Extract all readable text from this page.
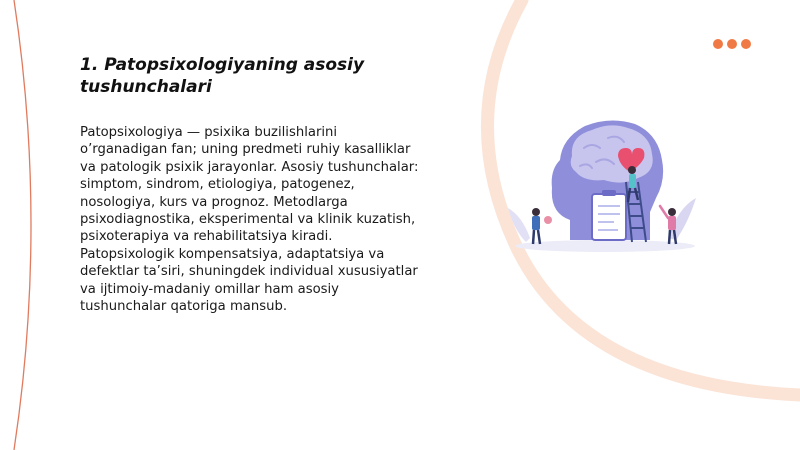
1. Patopsixologiyaning asosiy tushunchalari

Patopsixologiya — psixika buzilishlarini o’rganadigan fan; uning predmeti ruhiy kasalliklar va patologik psixik jarayonlar. Asosiy tushunchalar: simptom, sindrom, etiologiya, patogenez, nosologiya, kurs va prognoz. Metodlarga psixodiagnostika, eksperimental va klinik kuzatish, psixoterapiya va rehabilitatsiya kiradi. Patopsixologik kompensatsiya, adaptatsiya va defektlar ta’siri, shuningdek individual xususiyatlar va ijtimoiy-madaniy omillar ham asosiy tushunchalar qatoriga mansub.
